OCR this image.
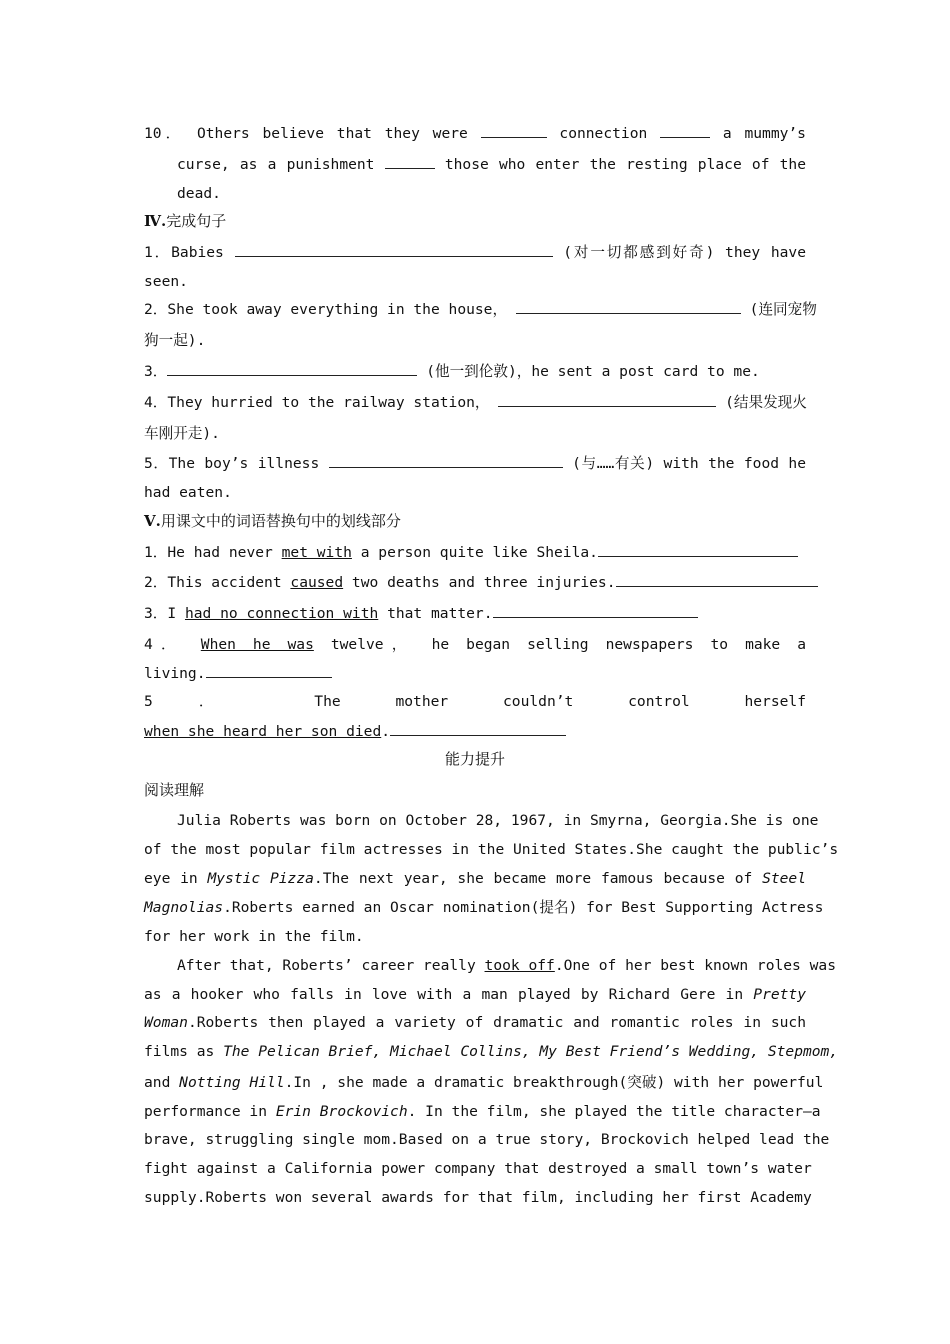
10． Others believe that they were	connection	a mummy’s
curse, as a punishment	those who enter the resting place of the
dead.
Ⅳ.完成句子
1．Babies	(对一切都感到好奇) they have
seen.
2．She took away everything in the house，	(连同宠物
狗一起).
3．	(他一到伦敦)，he sent a post card to me.
4．They hurried to the railway station，	(结果发现火
车刚开走).
5．The boy’s illness	(与……有关) with the food he
had eaten.
Ⅴ.用课文中的词语替换句中的划线部分
1．He had never met with a person quite like Sheila.
2．This accident caused two deaths and three injuries.
3．I had no connection with that matter.
4． When he was twelve， he began selling newspapers to make a
living.
5．	The	mother	couldn’t	control	herself
when she heard her son died.
能力提升
阅读理解
Julia Roberts was born on October 28, 1967, in Smyrna, Georgia.She is one
of the most popular film actresses in the United States.She caught the public’s
eye in Mystic Pizza.The next year, she became more famous because of Steel
Magnolias.Roberts earned an Oscar nomination(提名) for Best Supporting Actress
for her work in the film.
After that, Roberts’ career really took off.One of her best known roles was
as a hooker who falls in love with a man played by Richard Gere in Pretty
Woman.Roberts then played a variety of dramatic and romantic roles in such
films as The Pelican Brief, Michael Collins, My Best Friend’s Wedding, Stepmom,
and Notting Hill.In , she made a dramatic breakthrough(突破) with her powerful
performance in Erin Brockovich. In the film, she played the title character—a
brave, struggling single mom.Based on a true story, Brockovich helped lead the
fight against a California power company that destroyed a small town’s water
supply.Roberts won several awards for that film, including her first Academy
